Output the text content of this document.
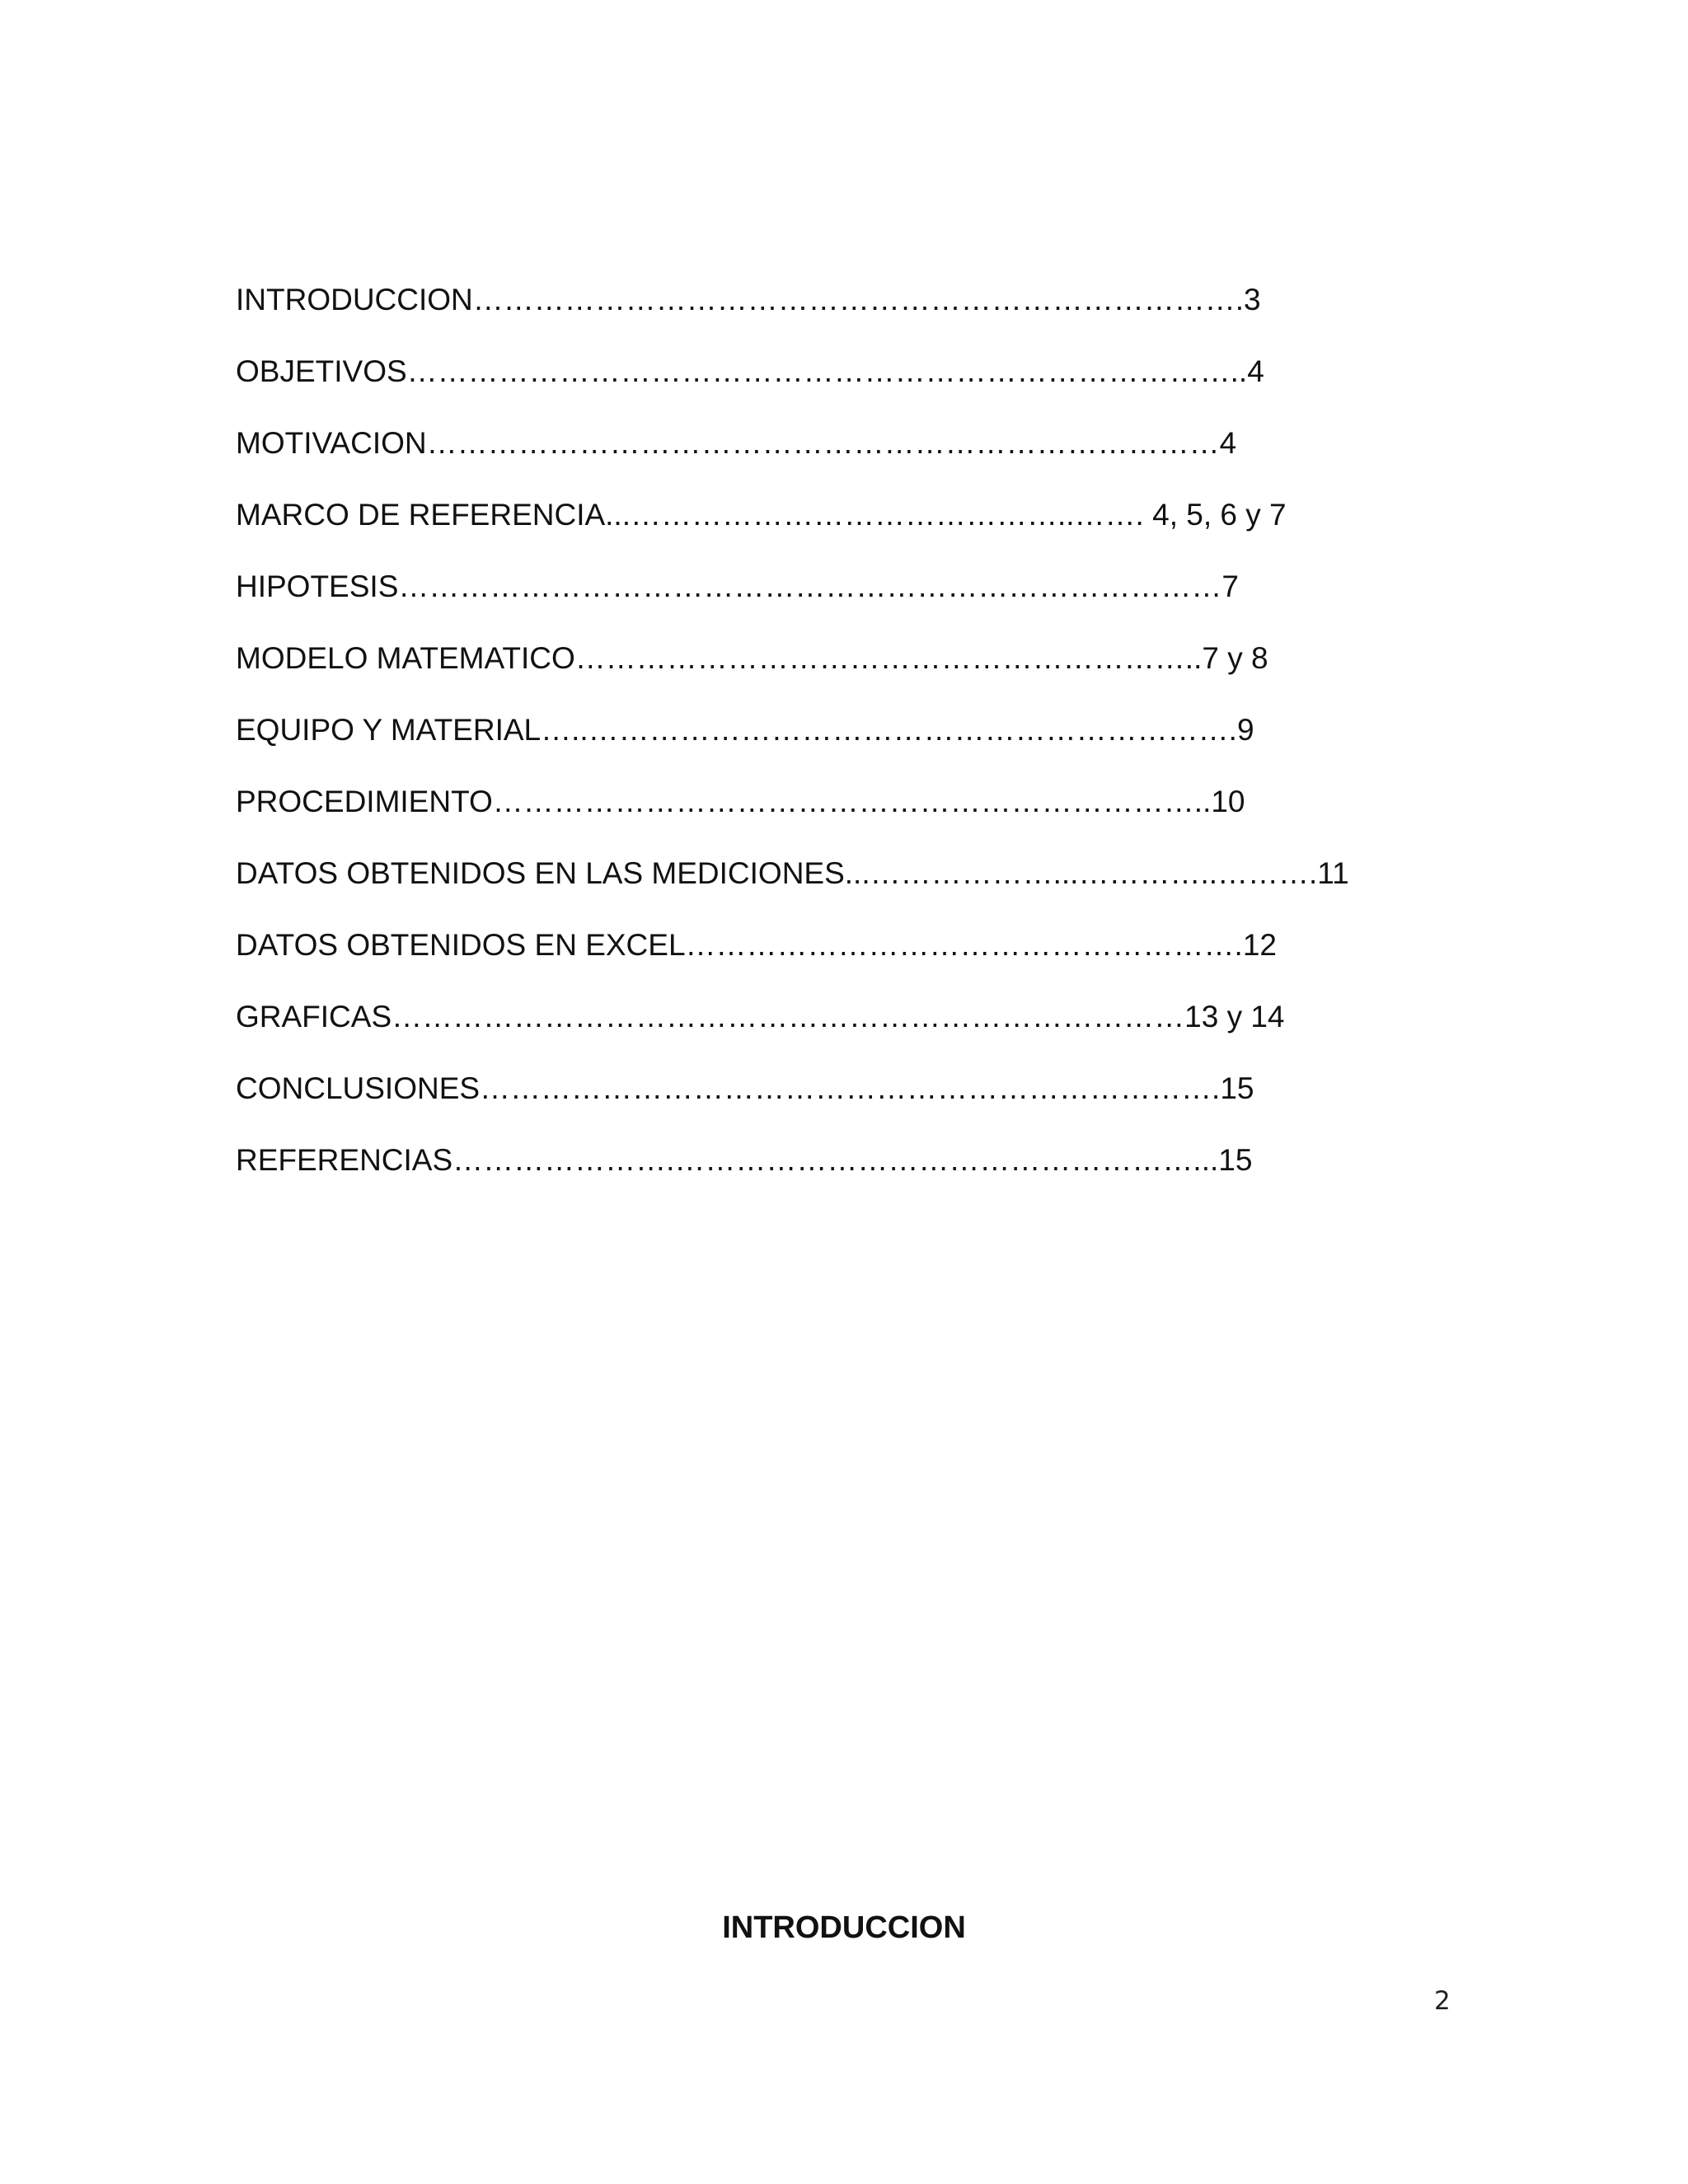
INTRODUCCION………………………………………………………………….3
OBJETIVOS………………………………………………………………………..4
MOTIVACION……………………………………………………………………4
MARCO DE REFERENCIA...……………………………………..……. 4, 5, 6 y 7
HIPOTESIS………………………………………………………………………7
MODELO MATEMATICO……………………………………………………..7 y 8
EQUIPO Y MATERIAL…..……………………………………………………….9
PROCEDIMIENTO……………………………………………………………..10
DATOS OBTENIDOS EN LAS MEDICIONES...………………...…………..……….11
DATOS OBTENIDOS EN EXCEL……………………………………………….12
GRAFICAS……………………………………………………………………13 y 14
CONCLUSIONES……………………………………………………………….15
REFERENCIAS………………….……………………………………………...15
INTRODUCCION
2
